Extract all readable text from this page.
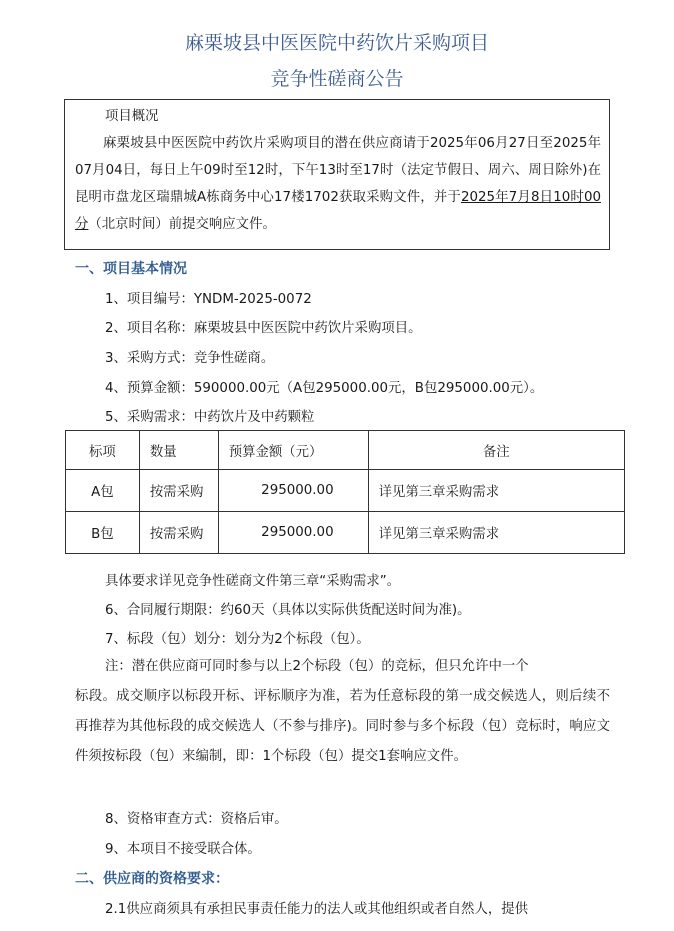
麻栗坡县中医医院中药饮片采购项目
竞争性磋商公告
项目概况
麻栗坡县中医医院中药饮片采购项目的潜在供应商请于2025年06月27日至2025年07月04日，每日上午09时至12时，下午13时至17时（法定节假日、周六、周日除外)在昆明市盘龙区瑞鼎城A栋商务中心17楼1702获取采购文件，并于2025年7月8日10时00分（北京时间）前提交响应文件。
一、项目基本情况
1、项目编号：YNDM-2025-0072
2、项目名称：麻栗坡县中医医院中药饮片采购项目。
3、采购方式：竞争性磋商。
4、预算金额：590000.00元（A包295000.00元，B包295000.00元）。
5、采购需求：中药饮片及中药颗粒
标项	数量	预算金额（元）	备注
A包	按需采购	295000.00	详见第三章采购需求
B包	按需采购	295000.00	详见第三章采购需求
具体要求详见竞争性磋商文件第三章“采购需求”。
6、合同履行期限：约60天（具体以实际供货配送时间为准)。
7、标段（包）划分：划分为2个标段（包）。
注：潜在供应商可同时参与以上2个标段（包）的竞标，但只允许中一个
标段。成交顺序以标段开标、评标顺序为准，若为任意标段的第一成交候选人，则后续不再推荐为其他标段的成交候选人（不参与排序)。同时参与多个标段（包）竞标时，响应文件须按标段（包）来编制，即：1个标段（包）提交1套响应文件。
8、资格审查方式：资格后审。
9、本项目不接受联合体。
二、供应商的资格要求：
2.1供应商须具有承担民事责任能力的法人或其他组织或者自然人，提供
